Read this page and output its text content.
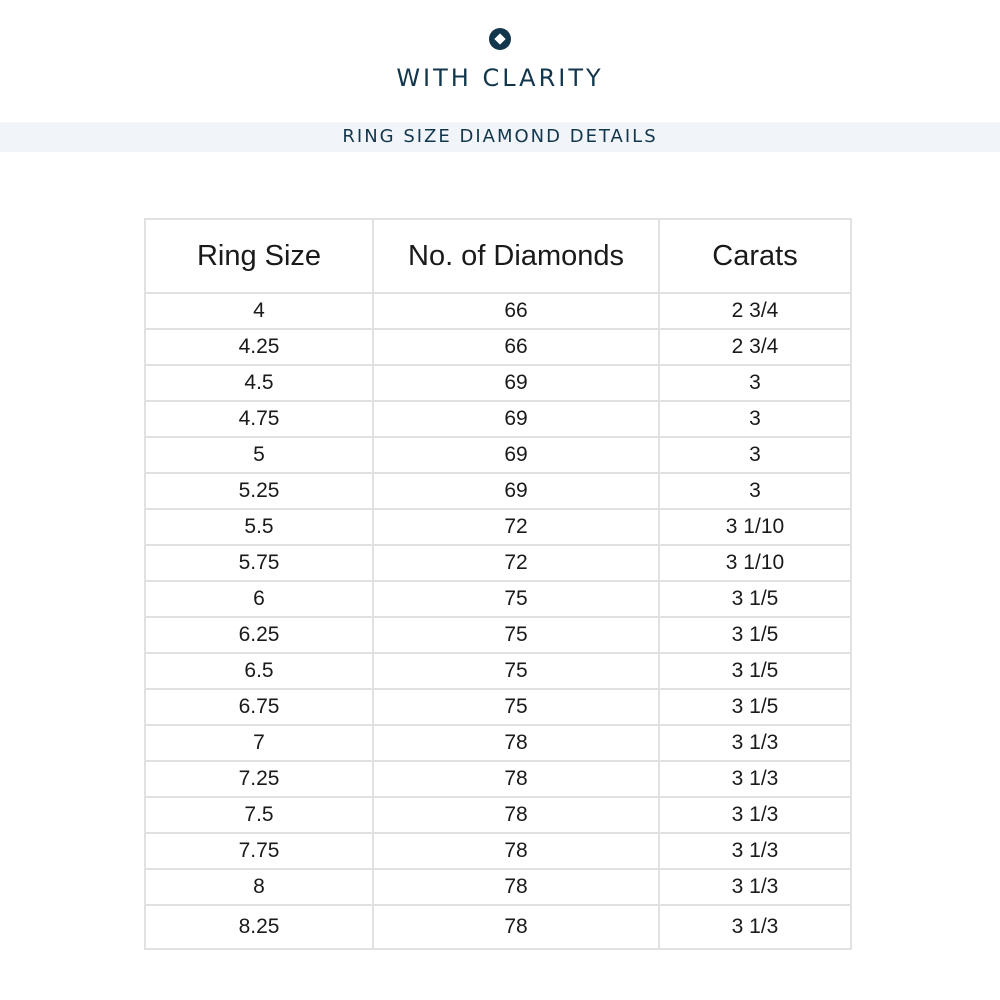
WITH CLARITY
RING SIZE DIAMOND DETAILS
Ring Size	No. of Diamonds	Carats
4	66	2 3/4
4.25	66	2 3/4
4.5	69	3
4.75	69	3
5	69	3
5.25	69	3
5.5	72	3 1/10
5.75	72	3 1/10
6	75	3 1/5
6.25	75	3 1/5
6.5	75	3 1/5
6.75	75	3 1/5
7	78	3 1/3
7.25	78	3 1/3
7.5	78	3 1/3
7.75	78	3 1/3
8	78	3 1/3
8.25	78	3 1/3
